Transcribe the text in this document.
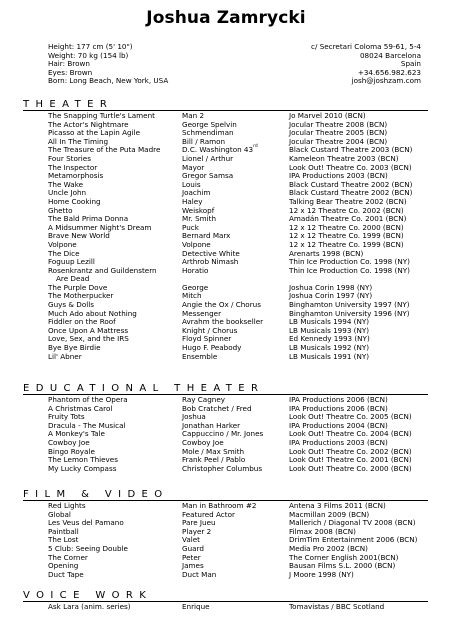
Joshua Zamrycki
Height: 177 cm (5' 10")
Weight: 70 kg (154 lb)
Hair: Brown
Eyes: Brown
Born: Long Beach, New York, USA
c/ Secretari Coloma 59-61, 5-4
08024 Barcelona
Spain
+34.656.982.623
josh@joshzam.com
THEATER
The Snapping Turtle's Lament	Man 2	Jo Marvel 2010 (BCN)
The Actor's Nightmare	George Spelvin	Jocular Theatre 2008 (BCN)
Picasso at the Lapin Agile	Schmendiman	Jocular Theatre 2005 (BCN)
All In The Timing	Bill / Ramon	Jocular Theatre 2004 (BCN)
The Treasure of the Puta Madre	D.C. Washington 43rd	Black Custard Theatre 2003 (BCN)
Four Stories	Lionel / Arthur	Kameleon Theatre 2003 (BCN)
The Inspector	Mayor	Look Out! Theatre Co. 2003 (BCN)
Metamorphosis	Gregor Samsa	IPA Productions 2003 (BCN)
The Wake	Louis	Black Custard Theatre 2002 (BCN)
Uncle John	Joachim	Black Custard Theatre 2002 (BCN)
Home Cooking	Haley	Talking Bear Theatre 2002 (BCN)
Ghetto	Weiskopf	12 x 12 Theatre Co. 2002 (BCN)
The Bald Prima Donna	Mr. Smith	Amadán Theatre Co. 2001 (BCN)
A Midsummer Night's Dream	Puck	12 x 12 Theatre Co. 2000 (BCN)
Brave New World	Bernard Marx	12 x 12 Theatre Co. 1999 (BCN)
Volpone	Volpone	12 x 12 Theatre Co. 1999 (BCN)
The Dice	Detective White	Arenarts 1998 (BCN)
Foguup Lezill	Arthrob Nimash	Thin Ice Production Co. 1998 (NY)
Rosenkrantz and Guildenstern	Horatio	Thin Ice Production Co. 1998 (NY)
Are Dead
The Purple Dove	George	Joshua Corin 1998 (NY)
The Motherpucker	Mitch	Joshua Corin 1997 (NY)
Guys & Dolls	Angie the Ox / Chorus	Binghamton University 1997 (NY)
Much Ado about Nothing	Messenger	Binghamton University 1996 (NY)
Fiddler on the Roof	Avrahm the bookseller	LB Musicals 1994 (NY)
Once Upon A Mattress	Knight / Chorus	LB Musicals 1993 (NY)
Love, Sex, and the IRS	Floyd Spinner	Ed Kennedy 1993 (NY)
Bye Bye Birdie	Hugo F. Peabody	LB Musicals 1992 (NY)
Lil' Abner	Ensemble	LB Musicals 1991 (NY)
EDUCATIONAL THEATER
Phantom of the Opera	Ray Cagney	IPA Productions 2006 (BCN)
A Christmas Carol	Bob Cratchet / Fred	IPA Productions 2006 (BCN)
Fruity Tots	Joshua	Look Out! Theatre Co. 2005 (BCN)
Dracula - The Musical	Jonathan Harker	IPA Productions 2004 (BCN)
A Monkey's Tale	Cappuccino / Mr. Jones	Look Out! Theatre Co. 2004 (BCN)
Cowboy Joe	Cowboy Joe	IPA Productions 2003 (BCN)
Bingo Royale	Mole / Max Smith	Look Out! Theatre Co. 2002 (BCN)
The Lemon Thieves	Frank Peel / Pablo	Look Out! Theatre Co. 2001 (BCN)
My Lucky Compass	Christopher Columbus	Look Out! Theatre Co. 2000 (BCN)
FILM & VIDEO
Red Lights	Man in Bathroom #2	Antena 3 Films 2011 (BCN)
Global	Featured Actor	Macmillan 2009 (BCN)
Les Veus del Pamano	Pare Jueu	Mallerich / Diagonal TV 2008 (BCN)
Paintball	Player 2	Filmax 2008 (BCN)
The Lost	Valet	DrimTim Entertainment 2006 (BCN)
5 Club: Seeing Double	Guard	Media Pro 2002 (BCN)
The Corner	Peter	The Corner English 2001(BCN)
Opening	James	Bausan Films S.L. 2000 (BCN)
Duct Tape	Duct Man	J Moore 1998 (NY)
VOICE WORK
Ask Lara (anim. series)	Enrique	Tomavistas / BBC Scotland
